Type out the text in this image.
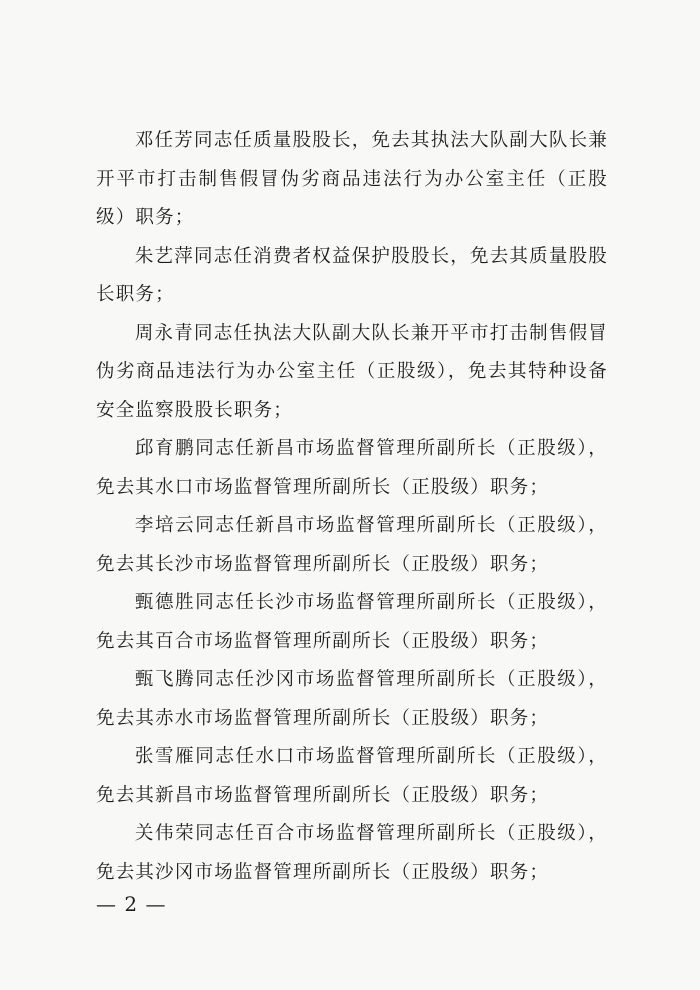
邓任芳同志任质量股股长，免去其执法大队副大队长兼开平市打击制售假冒伪劣商品违法行为办公室主任（正股级）职务；

朱艺萍同志任消费者权益保护股股长，免去其质量股股长职务；

周永青同志任执法大队副大队长兼开平市打击制售假冒伪劣商品违法行为办公室主任（正股级），免去其特种设备安全监察股股长职务；

邱育鹏同志任新昌市场监督管理所副所长（正股级），免去其水口市场监督管理所副所长（正股级）职务；

李培云同志任新昌市场监督管理所副所长（正股级），免去其长沙市场监督管理所副所长（正股级）职务；

甄德胜同志任长沙市场监督管理所副所长（正股级），免去其百合市场监督管理所副所长（正股级）职务；

甄飞腾同志任沙冈市场监督管理所副所长（正股级），免去其赤水市场监督管理所副所长（正股级）职务；

张雪雁同志任水口市场监督管理所副所长（正股级），免去其新昌市场监督管理所副所长（正股级）职务；

关伟荣同志任百合市场监督管理所副所长（正股级），免去其沙冈市场监督管理所副所长（正股级）职务；

— 2 —
